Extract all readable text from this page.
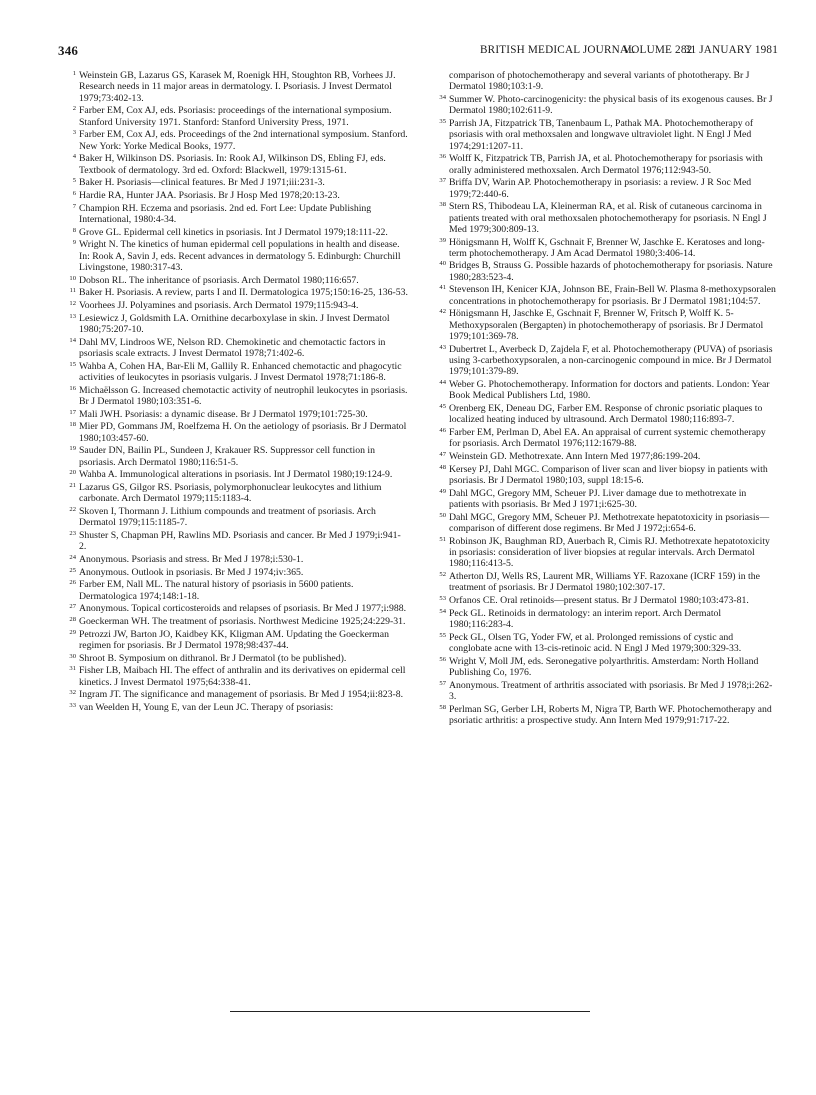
346	BRITISH MEDICAL JOURNAL
VOLUME 282
31 JANUARY 1981
1 Weinstein GB, Lazarus GS, Karasek M, Roenigk HH, Stoughton RB, Vorhees JJ. Research needs in 11 major areas in dermatology. I. Psoriasis. J Invest Dermatol 1979;73:402-13.
2 Farber EM, Cox AJ, eds. Psoriasis: proceedings of the international symposium. Stanford University 1971. Stanford: Stanford University Press, 1971.
3 Farber EM, Cox AJ, eds. Proceedings of the 2nd international symposium. Stanford. New York: Yorke Medical Books, 1977.
4 Baker H, Wilkinson DS. Psoriasis. In: Rook AJ, Wilkinson DS, Ebling FJ, eds. Textbook of dermatology. 3rd ed. Oxford: Blackwell, 1979:1315-61.
5 Baker H. Psoriasis—clinical features. Br Med J 1971;iii:231-3.
6 Hardie RA, Hunter JAA. Psoriasis. Br J Hosp Med 1978;20:13-23.
7 Champion RH. Eczema and psoriasis. 2nd ed. Fort Lee: Update Publishing International, 1980:4-34.
8 Grove GL. Epidermal cell kinetics in psoriasis. Int J Dermatol 1979;18:111-22.
9 Wright N. The kinetics of human epidermal cell populations in health and disease. In: Rook A, Savin J, eds. Recent advances in dermatology 5. Edinburgh: Churchill Livingstone, 1980:317-43.
10 Dobson RL. The inheritance of psoriasis. Arch Dermatol 1980;116:657.
11 Baker H. Psoriasis. A review, parts I and II. Dermatologica 1975;150:16-25, 136-53.
12 Voorhees JJ. Polyamines and psoriasis. Arch Dermatol 1979;115:943-4.
13 Lesiewicz J, Goldsmith LA. Ornithine decarboxylase in skin. J Invest Dermatol 1980;75:207-10.
14 Dahl MV, Lindroos WE, Nelson RD. Chemokinetic and chemotactic factors in psoriasis scale extracts. J Invest Dermatol 1978;71:402-6.
15 Wahba A, Cohen HA, Bar-Eli M, Gallily R. Enhanced chemotactic and phagocytic activities of leukocytes in psoriasis vulgaris. J Invest Dermatol 1978;71:186-8.
16 Michaëlsson G. Increased chemotactic activity of neutrophil leukocytes in psoriasis. Br J Dermatol 1980;103:351-6.
17 Mali JWH. Psoriasis: a dynamic disease. Br J Dermatol 1979;101:725-30.
18 Mier PD, Gommans JM, Roelfzema H. On the aetiology of psoriasis. Br J Dermatol 1980;103:457-60.
19 Sauder DN, Bailin PL, Sundeen J, Krakauer RS. Suppressor cell function in psoriasis. Arch Dermatol 1980;116:51-5.
20 Wahba A. Immunological alterations in psoriasis. Int J Dermatol 1980;19:124-9.
21 Lazarus GS, Gilgor RS. Psoriasis, polymorphonuclear leukocytes and lithium carbonate. Arch Dermatol 1979;115:1183-4.
22 Skoven I, Thormann J. Lithium compounds and treatment of psoriasis. Arch Dermatol 1979;115:1185-7.
23 Shuster S, Chapman PH, Rawlins MD. Psoriasis and cancer. Br Med J 1979;i:941-2.
24 Anonymous. Psoriasis and stress. Br Med J 1978;i:530-1.
25 Anonymous. Outlook in psoriasis. Br Med J 1974;iv:365.
26 Farber EM, Nall ML. The natural history of psoriasis in 5600 patients. Dermatologica 1974;148:1-18.
27 Anonymous. Topical corticosteroids and relapses of psoriasis. Br Med J 1977;i:988.
28 Goeckerman WH. The treatment of psoriasis. Northwest Medicine 1925;24:229-31.
29 Petrozzi JW, Barton JO, Kaidbey KK, Kligman AM. Updating the Goeckerman regimen for psoriasis. Br J Dermatol 1978;98:437-44.
30 Shroot B. Symposium on dithranol. Br J Dermatol (to be published).
31 Fisher LB, Maibach HI. The effect of anthralin and its derivatives on epidermal cell kinetics. J Invest Dermatol 1975;64:338-41.
32 Ingram JT. The significance and management of psoriasis. Br Med J 1954;ii:823-8.
33 van Weelden H, Young E, van der Leun JC. Therapy of psoriasis:
comparison of photochemotherapy and several variants of phototherapy. Br J Dermatol 1980;103:1-9.
34 Summer W. Photo-carcinogenicity: the physical basis of its exogenous causes. Br J Dermatol 1980;102:611-9.
35 Parrish JA, Fitzpatrick TB, Tanenbaum L, Pathak MA. Photochemotherapy of psoriasis with oral methoxsalen and longwave ultraviolet light. N Engl J Med 1974;291:1207-11.
36 Wolff K, Fitzpatrick TB, Parrish JA, et al. Photochemotherapy for psoriasis with orally administered methoxsalen. Arch Dermatol 1976;112:943-50.
37 Briffa DV, Warin AP. Photochemotherapy in psoriasis: a review. J R Soc Med 1979;72:440-6.
38 Stern RS, Thibodeau LA, Kleinerman RA, et al. Risk of cutaneous carcinoma in patients treated with oral methoxsalen photochemotherapy for psoriasis. N Engl J Med 1979;300:809-13.
39 Hönigsmann H, Wolff K, Gschnait F, Brenner W, Jaschke E. Keratoses and long-term photochemotherapy. J Am Acad Dermatol 1980;3:406-14.
40 Bridges B, Strauss G. Possible hazards of photochemotherapy for psoriasis. Nature 1980;283:523-4.
41 Stevenson IH, Kenicer KJA, Johnson BE, Frain-Bell W. Plasma 8-methoxypsoralen concentrations in photochemotherapy for psoriasis. Br J Dermatol 1981;104:57.
42 Hönigsmann H, Jaschke E, Gschnait F, Brenner W, Fritsch P, Wolff K. 5-Methoxypsoralen (Bergapten) in photochemotherapy of psoriasis. Br J Dermatol 1979;101:369-78.
43 Dubertret L, Averbeck D, Zajdela F, et al. Photochemotherapy (PUVA) of psoriasis using 3-carbethoxypsoralen, a non-carcinogenic compound in mice. Br J Dermatol 1979;101:379-89.
44 Weber G. Photochemotherapy. Information for doctors and patients. London: Year Book Medical Publishers Ltd, 1980.
45 Orenberg EK, Deneau DG, Farber EM. Response of chronic psoriatic plaques to localized heating induced by ultrasound. Arch Dermatol 1980;116:893-7.
46 Farber EM, Perlman D, Abel EA. An appraisal of current systemic chemotherapy for psoriasis. Arch Dermatol 1976;112:1679-88.
47 Weinstein GD. Methotrexate. Ann Intern Med 1977;86:199-204.
48 Kersey PJ, Dahl MGC. Comparison of liver scan and liver biopsy in patients with psoriasis. Br J Dermatol 1980;103, suppl 18:15-6.
49 Dahl MGC, Gregory MM, Scheuer PJ. Liver damage due to methotrexate in patients with psoriasis. Br Med J 1971;i:625-30.
50 Dahl MGC, Gregory MM, Scheuer PJ. Methotrexate hepatotoxicity in psoriasis—comparison of different dose regimens. Br Med J 1972;i:654-6.
51 Robinson JK, Baughman RD, Auerbach R, Cimis RJ. Methotrexate hepatotoxicity in psoriasis: consideration of liver biopsies at regular intervals. Arch Dermatol 1980;116:413-5.
52 Atherton DJ, Wells RS, Laurent MR, Williams YF. Razoxane (ICRF 159) in the treatment of psoriasis. Br J Dermatol 1980;102:307-17.
53 Orfanos CE. Oral retinoids—present status. Br J Dermatol 1980;103:473-81.
54 Peck GL. Retinoids in dermatology: an interim report. Arch Dermatol 1980;116:283-4.
55 Peck GL, Olsen TG, Yoder FW, et al. Prolonged remissions of cystic and conglobate acne with 13-cis-retinoic acid. N Engl J Med 1979;300:329-33.
56 Wright V, Moll JM, eds. Seronegative polyarthritis. Amsterdam: North Holland Publishing Co, 1976.
57 Anonymous. Treatment of arthritis associated with psoriasis. Br Med J 1978;i:262-3.
58 Perlman SG, Gerber LH, Roberts M, Nigra TP, Barth WF. Photochemotherapy and psoriatic arthritis: a prospective study. Ann Intern Med 1979;91:717-22.
